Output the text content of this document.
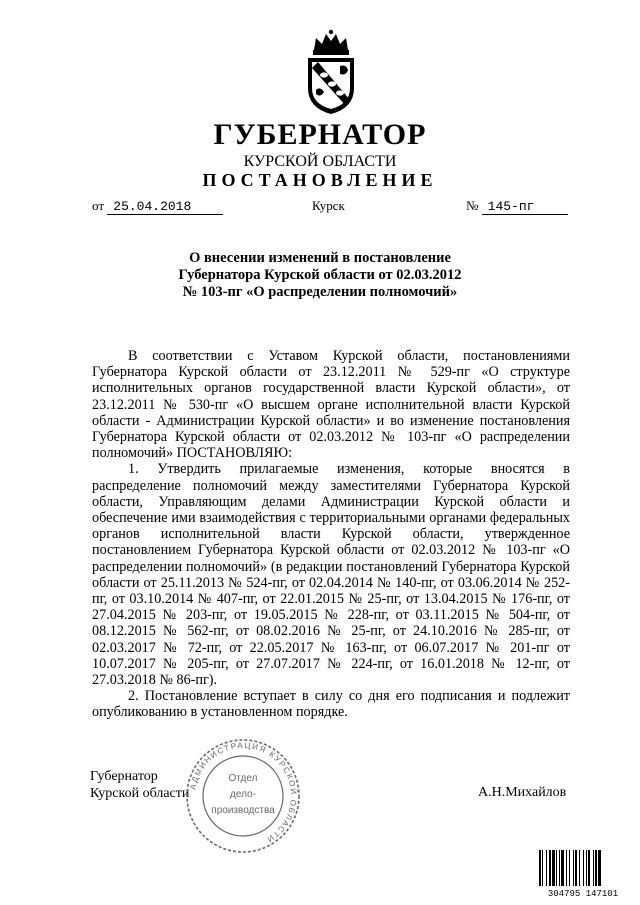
ГУБЕРНАТОР
КУРСКОЙ ОБЛАСТИ
ПОСТАНОВЛЕНИЕ
от 25.04.2018	Курск	№ 145-пг
О внесении изменений в постановление
Губернатора Курской области от 02.03.2012
№ 103-пг «О распределении полномочий»

В соответствии с Уставом Курской области, постановлениями Губернатора Курской области от 23.12.2011 № 529-пг «О структуре исполнительных органов государственной власти Курской области», от 23.12.2011 № 530-пг «О высшем органе исполнительной власти Курской области - Администрации Курской области» и во изменение постановления Губернатора Курской области от 02.03.2012 № 103-пг «О распределении полномочий» ПОСТАНОВЛЯЮ:

1. Утвердить прилагаемые изменения, которые вносятся в распределение полномочий между заместителями Губернатора Курской области, Управляющим делами Администрации Курской области и обеспечение ими взаимодействия с территориальными органами федеральных органов исполнительной власти Курской области, утвержденное постановлением Губернатора Курской области от 02.03.2012 № 103-пг «О распределении полномочий» (в редакции постановлений Губернатора Курской области от 25.11.2013 № 524-пг, от 02.04.2014 № 140-пг, от 03.06.2014 № 252-пг, от 03.10.2014 № 407-пг, от 22.01.2015 № 25-пг, от 13.04.2015 № 176-пг, от 27.04.2015 № 203-пг, от 19.05.2015 № 228-пг, от 03.11.2015 № 504-пг, от 08.12.2015 № 562-пг, от 08.02.2016 № 25-пг, от 24.10.2016 № 285-пг, от 02.03.2017 № 72-пг, от 22.05.2017 № 163-пг, от 06.07.2017 № 201-пг от 10.07.2017 № 205-пг, от 27.07.2017 № 224-пг, от 16.01.2018 № 12-пг, от 27.03.2018 № 86-пг).

2. Постановление вступает в силу со дня его подписания и подлежит опубликованию в установленном порядке.

Губернатор
Курской области	А.Н.Михайлов
АДМИНИСТРАЦИЯ КУРСКОЙ ОБЛАСТИ
Отдел
дело-
производства
304795 147101
